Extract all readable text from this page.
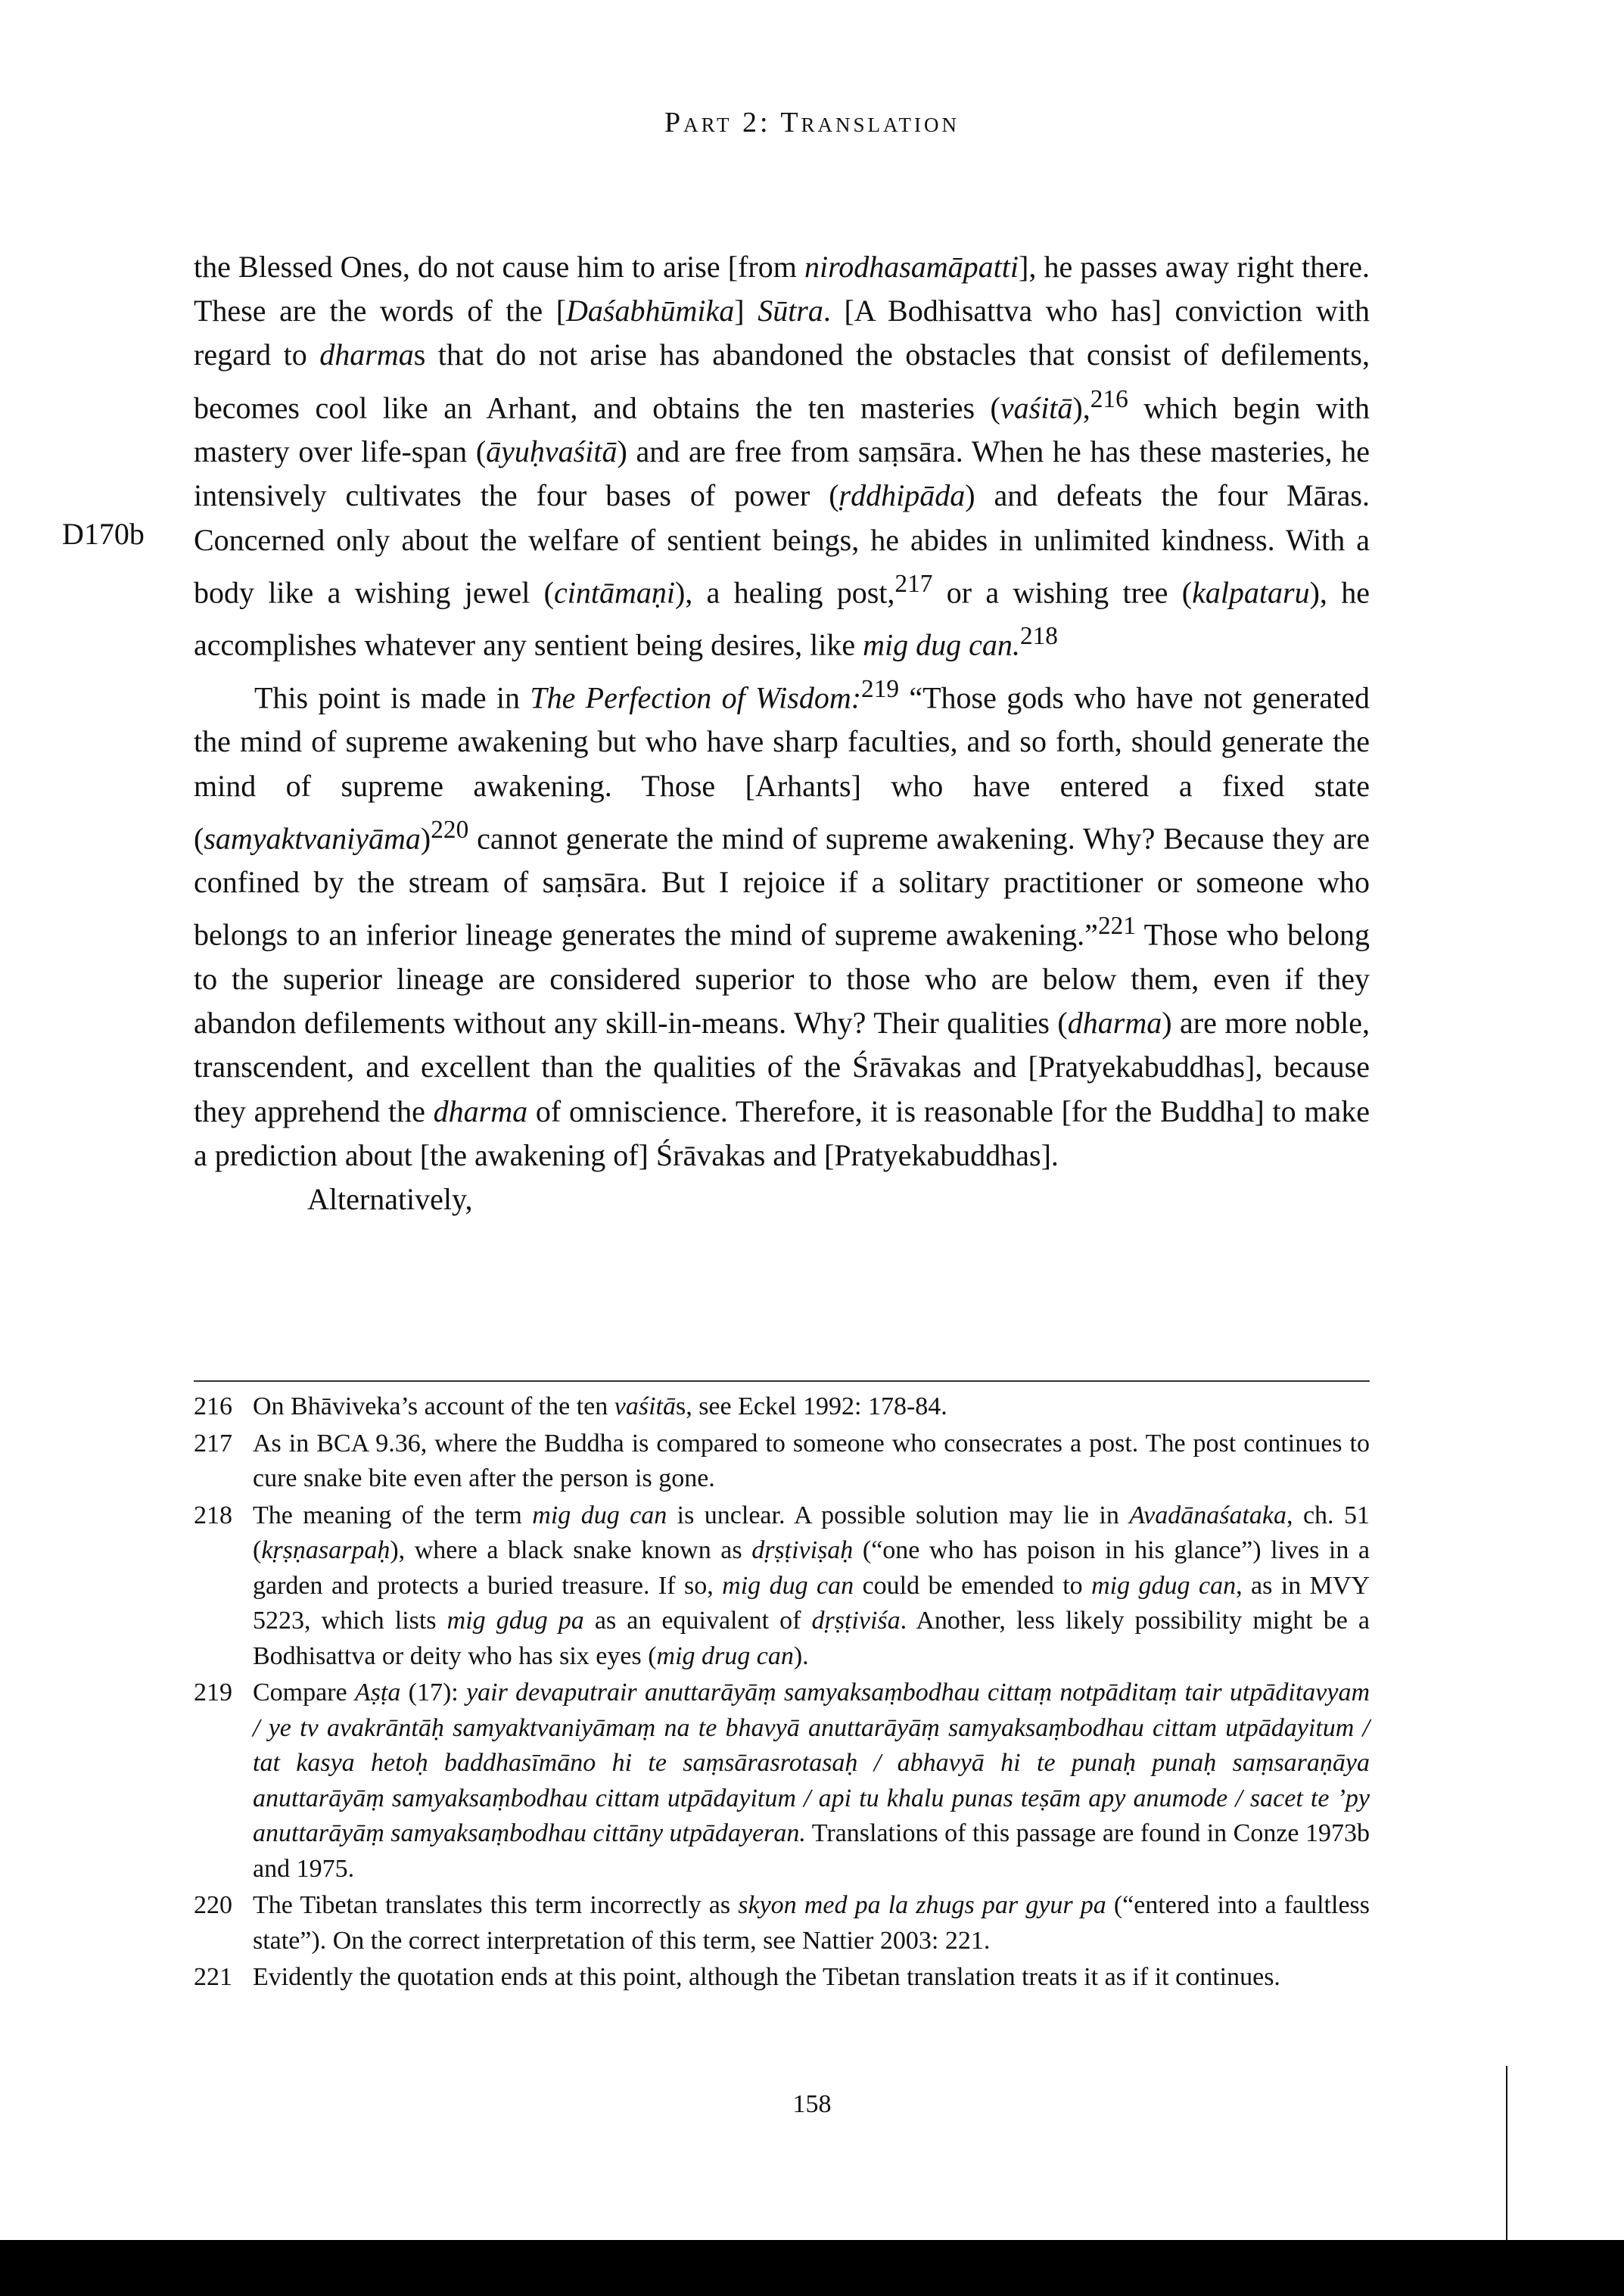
Part 2: Translation
D170b

the Blessed Ones, do not cause him to arise [from nirodhasamāpatti], he passes away right there. These are the words of the [Daśabhūmika] Sūtra. [A Bodhisattva who has] conviction with regard to dharmas that do not arise has abandoned the obstacles that consist of defilements, becomes cool like an Arhant, and obtains the ten masteries (vaśitā),$^{216}$ which begin with mastery over life-span (āyuḥvaśitā) and are free from saṃsāra. When he has these masteries, he intensively cultivates the four bases of power (ṛddhipāda) and defeats the four Māras. Concerned only about the welfare of sentient beings, he abides in unlimited kindness. With a body like a wishing jewel (cintāmaṇi), a healing post,$^{217}$ or a wishing tree (kalpataru), he accomplishes whatever any sentient being desires, like mig dug can.$^{218}$

This point is made in The Perfection of Wisdom:$^{219}$ “Those gods who have not generated the mind of supreme awakening but who have sharp faculties, and so forth, should generate the mind of supreme awakening. Those [Arhants] who have entered a fixed state (samyaktvaniyāma)$^{220}$ cannot generate the mind of supreme awakening. Why? Because they are confined by the stream of saṃsāra. But I rejoice if a solitary practitioner or someone who belongs to an inferior lineage generates the mind of supreme awakening.”$^{221}$ Those who belong to the superior lineage are considered superior to those who are below them, even if they abandon defilements without any skill-in-means. Why? Their qualities (dharma) are more noble, transcendent, and excellent than the qualities of the Śrāvakas and [Pratyekabuddhas], because they apprehend the dharma of omniscience. Therefore, it is reasonable [for the Buddha] to make a prediction about [the awakening of] Śrāvakas and [Pratyekabuddhas].

Alternatively,

216 On Bhāviveka’s account of the ten vaśitās, see Eckel 1992: 178-84.
217 As in BCA 9.36, where the Buddha is compared to someone who consecrates a post. The post continues to cure snake bite even after the person is gone.
218 The meaning of the term mig dug can is unclear. A possible solution may lie in Avadānaśataka, ch. 51 (kṛṣṇasarpaḥ), where a black snake known as dṛṣṭiviṣaḥ (“one who has poison in his glance”) lives in a garden and protects a buried treasure. If so, mig dug can could be emended to mig gdug can, as in MVY 5223, which lists mig gdug pa as an equivalent of dṛṣṭiviśa. Another, less likely possibility might be a Bodhisattva or deity who has six eyes (mig drug can).
219 Compare Aṣṭa (17): yair devaputrair anuttarāyāṃ samyaksaṃbodhau cittaṃ notpāditaṃ tair utpāditavyam / ye tv avakrāntāḥ samyaktvaniyāmaṃ na te bhavyā anuttarāyāṃ samyaksaṃbodhau cittam utpādayitum / tat kasya hetoḥ baddhasīmāno hi te saṃsārasrotasaḥ / abhavyā hi te punaḥ punaḥ saṃsaraṇāya anuttarāyāṃ samyaksaṃbodhau cittam utpādayitum / api tu khalu punas teṣām apy anumode / sacet te ’py anuttarāyāṃ samyaksaṃbodhau cittāny utpādayeran. Translations of this passage are found in Conze 1973b and 1975.
220 The Tibetan translates this term incorrectly as skyon med pa la zhugs par gyur pa (“entered into a faultless state”). On the correct interpretation of this term, see Nattier 2003: 221.
221 Evidently the quotation ends at this point, although the Tibetan translation treats it as if it continues.
158
